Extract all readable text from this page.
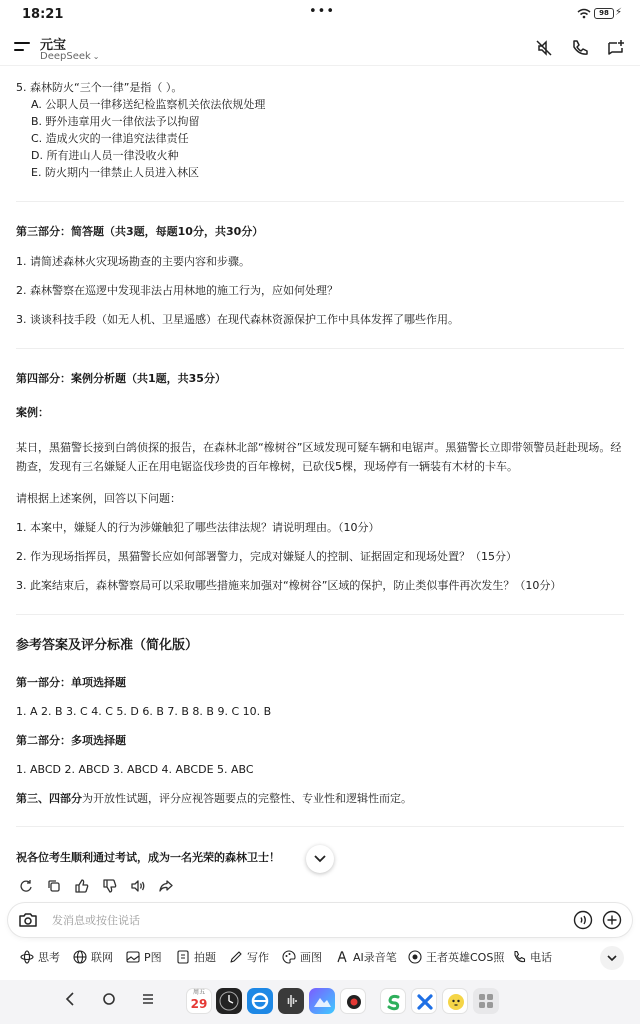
18:21	•••	98 ⚡
元宝
DeepSeek ⌄
5. 森林防火“三个一律”是指（ ）。
A. 公职人员一律移送纪检监察机关依法依规处理
B. 野外违章用火一律依法予以拘留
C. 造成火灾的一律追究法律责任
D. 所有进山人员一律没收火种
E. 防火期内一律禁止人员进入林区
第三部分：简答题（共3题，每题10分，共30分）
1. 请简述森林火灾现场勘查的主要内容和步骤。
2. 森林警察在巡逻中发现非法占用林地的施工行为，应如何处理？
3. 谈谈科技手段（如无人机、卫星遥感）在现代森林资源保护工作中具体发挥了哪些作用。
第四部分：案例分析题（共1题，共35分）
案例：
某日，黑猫警长接到白鸽侦探的报告，在森林北部“橡树谷”区域发现可疑车辆和电锯声。黑猫警长立即带领警员赶赴现场。经勘查，发现有三名嫌疑人正在用电锯盗伐珍贵的百年橡树，已砍伐5棵，现场停有一辆装有木材的卡车。
请根据上述案例，回答以下问题：
1. 本案中，嫌疑人的行为涉嫌触犯了哪些法律法规？请说明理由。（10分）
2. 作为现场指挥员，黑猫警长应如何部署警力，完成对嫌疑人的控制、证据固定和现场处置？（15分）
3. 此案结束后，森林警察局可以采取哪些措施来加强对“橡树谷”区域的保护，防止类似事件再次发生？（10分）
参考答案及评分标准（简化版）
第一部分：单项选择题
1. A 2. B 3. C 4. C 5. D 6. B 7. B 8. B 9. C 10. B
第二部分：多项选择题
1. ABCD 2. ABCD 3. ABCD 4. ABCDE 5. ABC
第三、四部分为开放性试题，评分应视答题要点的完整性、专业性和逻辑性而定。
祝各位考生顺利通过考试，成为一名光荣的森林卫士！
发消息或按住说话
思考	联网	P图	拍题	写作	画图	AI录音笔	王者英雄COS照 电话
周五
29
